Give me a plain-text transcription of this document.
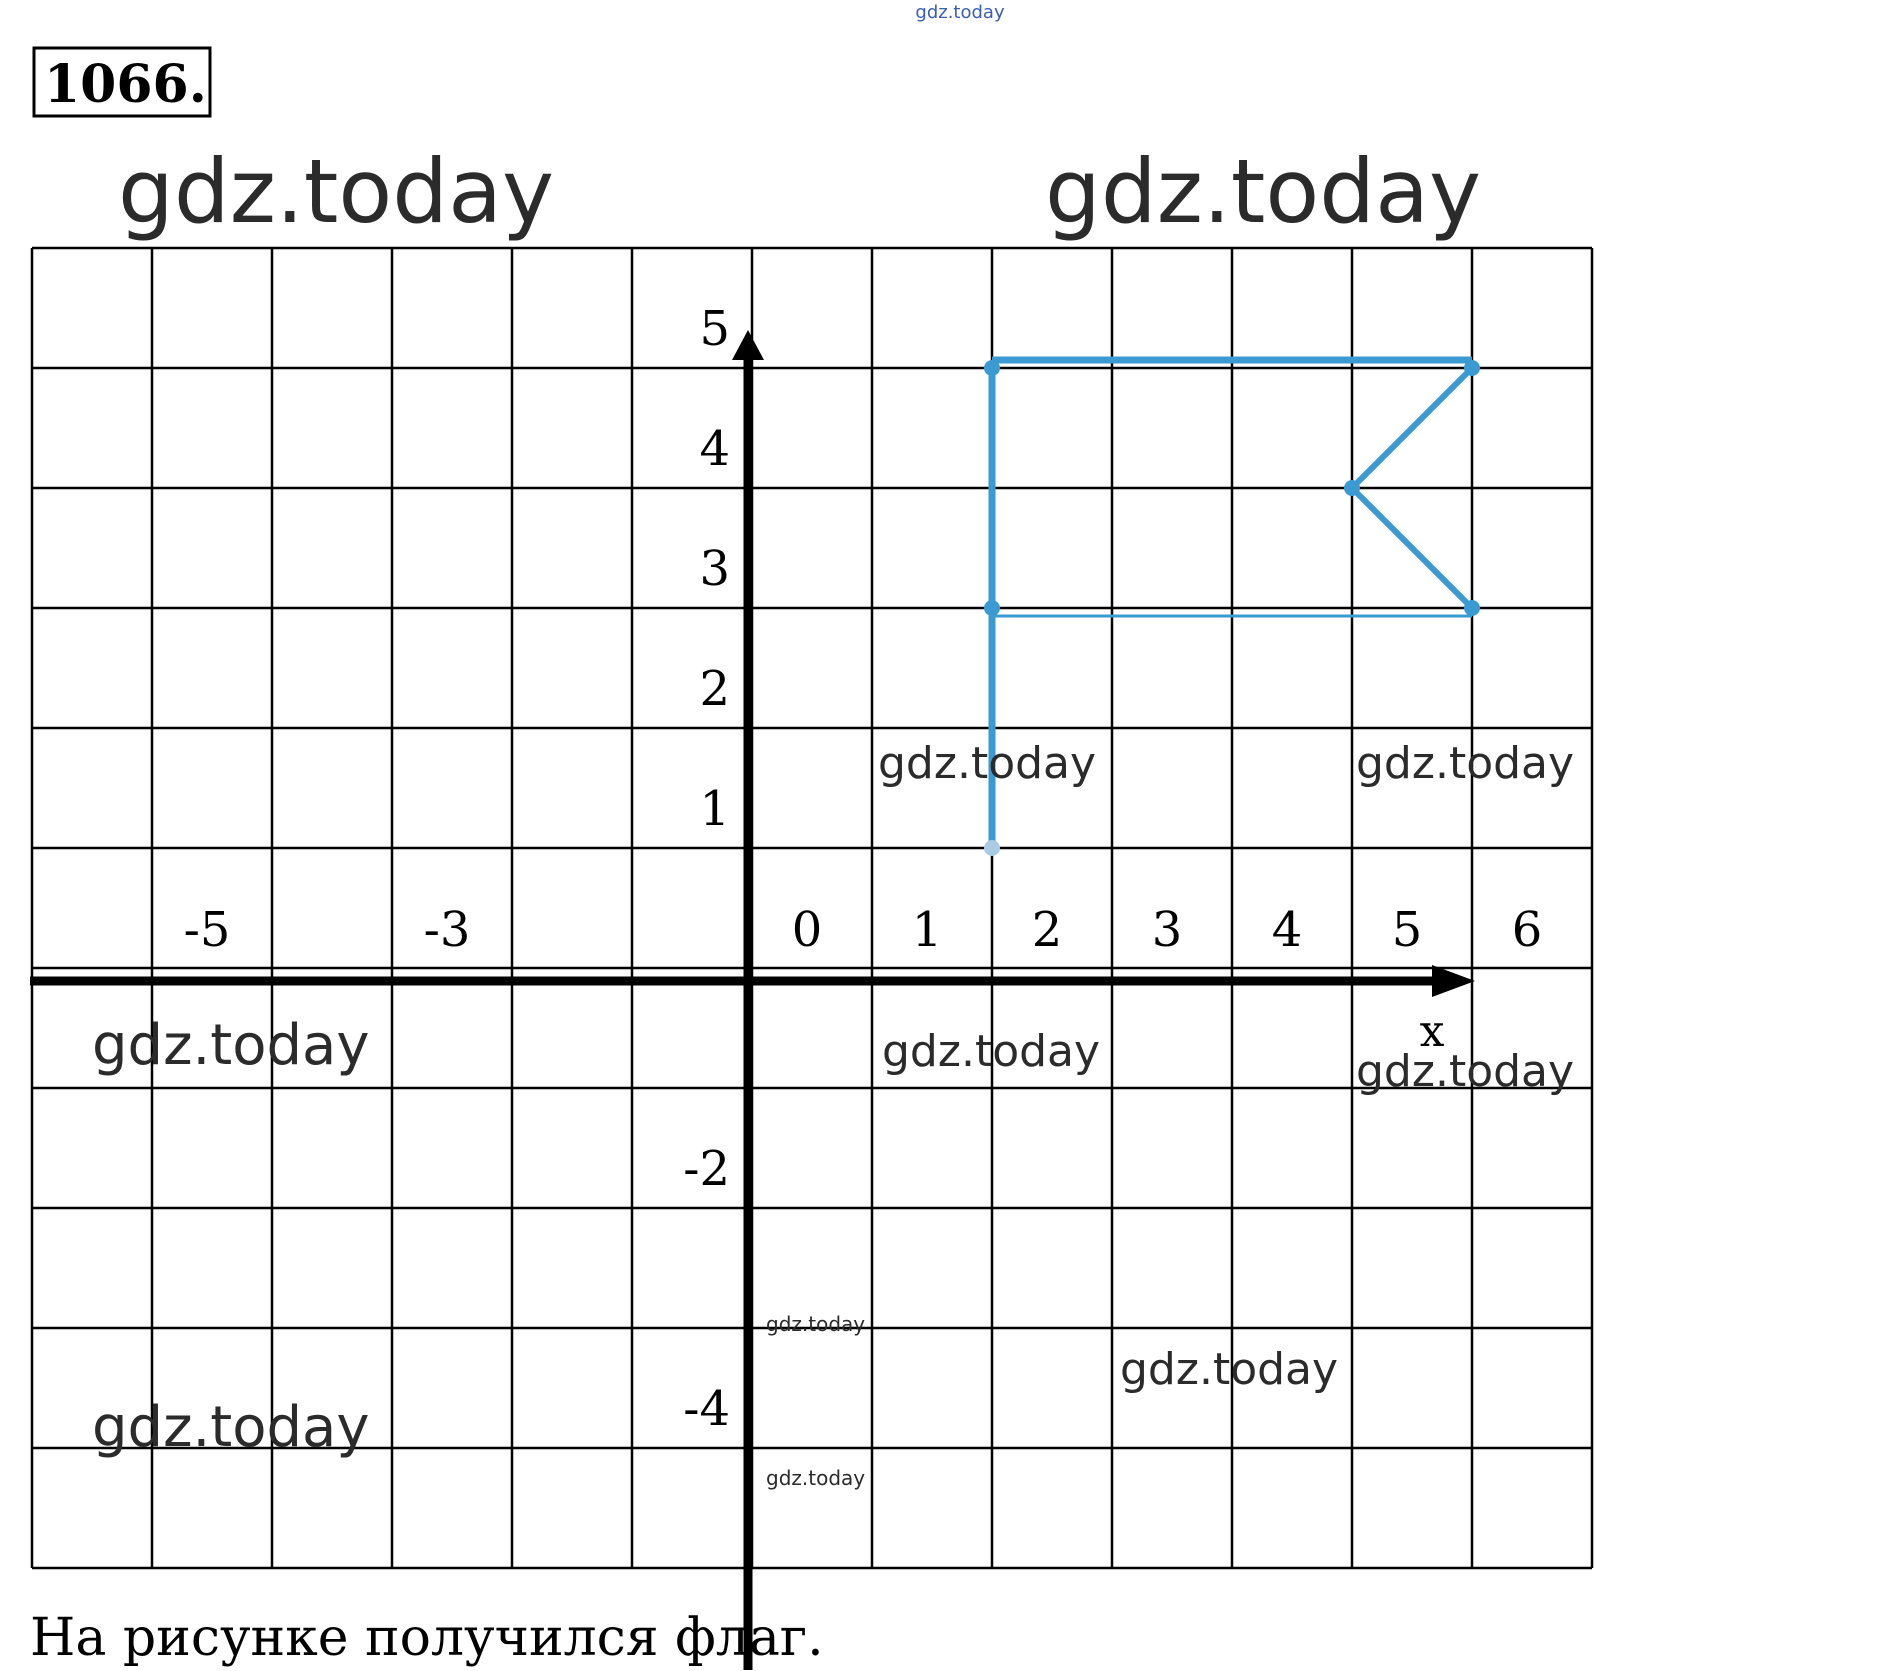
gdz.today
1066.
gdz.today	gdz.today
x
-5	-3	0 1 2 3 4 5 6
5
4
3
2
1
-2
-4
gdz.today	gdz.today
gdz.today	gdz.today	gdz.today
gdz.today
gdz.today
gdz.today
gdz.today
На рисунке получился флаг.
